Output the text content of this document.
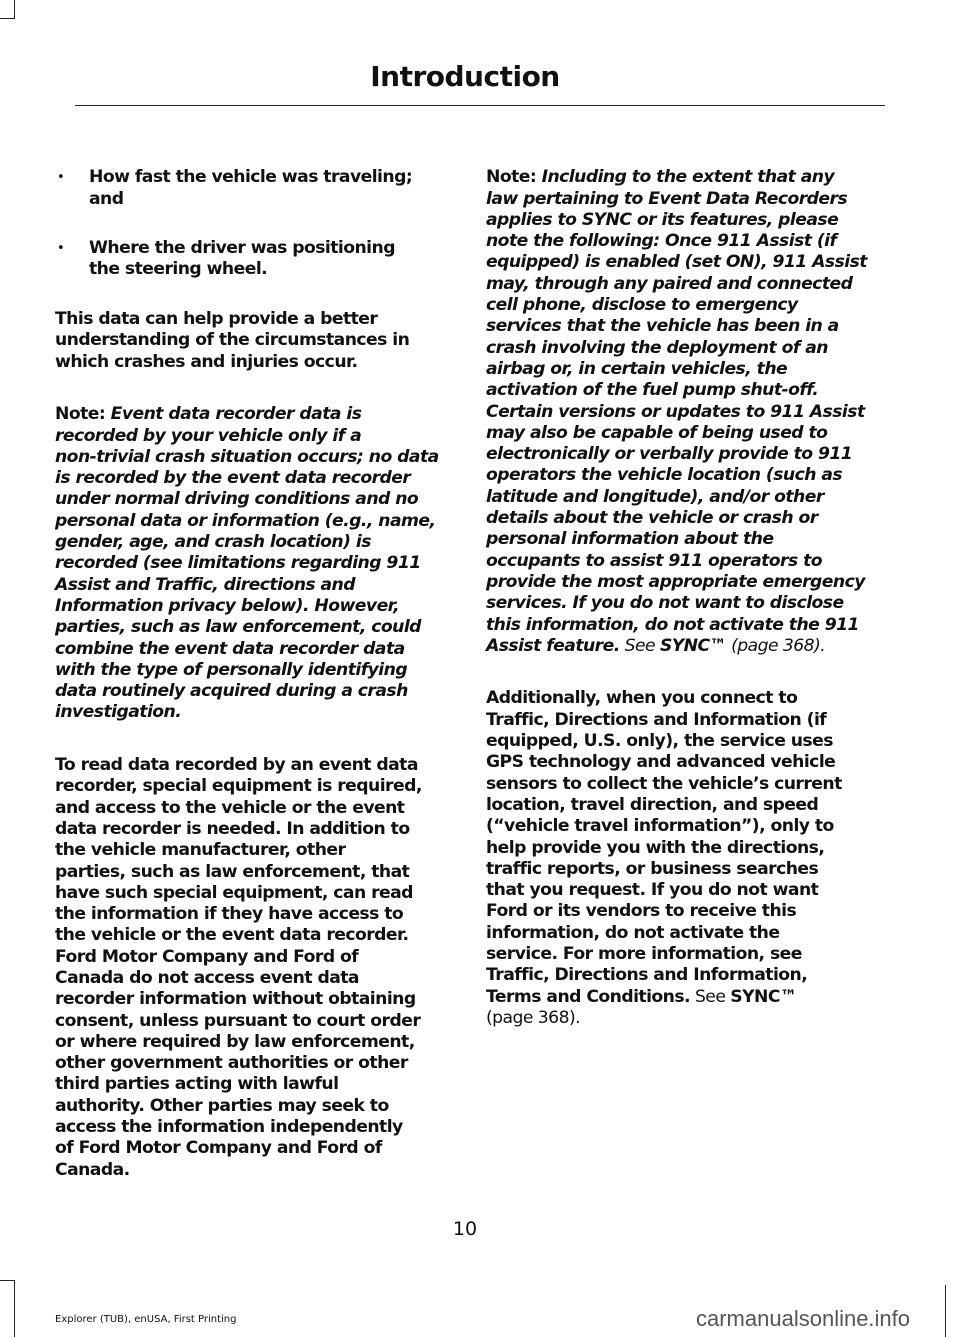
Introduction

• How fast the vehicle was traveling;
and

• Where the driver was positioning
the steering wheel.

This data can help provide a better
understanding of the circumstances in
which crashes and injuries occur.

Note: Event data recorder data is
recorded by your vehicle only if a
non-trivial crash situation occurs; no data
is recorded by the event data recorder
under normal driving conditions and no
personal data or information (e.g., name,
gender, age, and crash location) is
recorded (see limitations regarding 911
Assist and Traffic, directions and
Information privacy below). However,
parties, such as law enforcement, could
combine the event data recorder data
with the type of personally identifying
data routinely acquired during a crash
investigation.

To read data recorded by an event data
recorder, special equipment is required,
and access to the vehicle or the event
data recorder is needed. In addition to
the vehicle manufacturer, other
parties, such as law enforcement, that
have such special equipment, can read
the information if they have access to
the vehicle or the event data recorder.
Ford Motor Company and Ford of
Canada do not access event data
recorder information without obtaining
consent, unless pursuant to court order
or where required by law enforcement,
other government authorities or other
third parties acting with lawful
authority. Other parties may seek to
access the information independently
of Ford Motor Company and Ford of
Canada.

Note: Including to the extent that any
law pertaining to Event Data Recorders
applies to SYNC or its features, please
note the following: Once 911 Assist (if
equipped) is enabled (set ON), 911 Assist
may, through any paired and connected
cell phone, disclose to emergency
services that the vehicle has been in a
crash involving the deployment of an
airbag or, in certain vehicles, the
activation of the fuel pump shut-off.
Certain versions or updates to 911 Assist
may also be capable of being used to
electronically or verbally provide to 911
operators the vehicle location (such as
latitude and longitude), and/or other
details about the vehicle or crash or
personal information about the
occupants to assist 911 operators to
provide the most appropriate emergency
services. If you do not want to disclose
this information, do not activate the 911
Assist feature. See SYNC™ (page 368).

Additionally, when you connect to
Traffic, Directions and Information (if
equipped, U.S. only), the service uses
GPS technology and advanced vehicle
sensors to collect the vehicle’s current
location, travel direction, and speed
(“vehicle travel information”), only to
help provide you with the directions,
traffic reports, or business searches
that you request. If you do not want
Ford or its vendors to receive this
information, do not activate the
service. For more information, see
Traffic, Directions and Information,
Terms and Conditions. See SYNC™
(page 368).

10
Explorer (TUB), enUSA, First Printing	carmanualsonline.info
